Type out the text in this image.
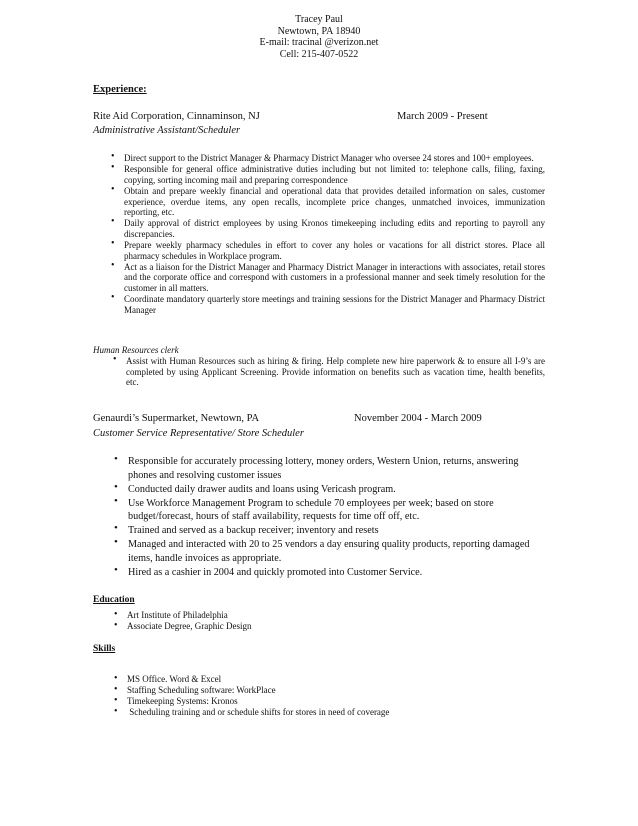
Tracey Paul
Newtown, PA 18940
E-mail: tracinal @verizon.net
Cell: 215-407-0522
Experience:
Rite Aid Corporation, Cinnaminson, NJ	March 2009 - Present
Administrative Assistant/Scheduler
• Direct support to the District Manager & Pharmacy District Manager who oversee 24 stores and 100+ employees.
• Responsible for general office administrative duties including but not limited to: telephone calls, filing, faxing, copying, sorting incoming mail and preparing correspondence
• Obtain and prepare weekly financial and operational data that provides detailed information on sales, customer experience, overdue items, any open recalls, incomplete price changes, unmatched invoices, immunization reporting, etc.
• Daily approval of district employees by using Kronos timekeeping including edits and reporting to payroll any discrepancies.
• Prepare weekly pharmacy schedules in effort to cover any holes or vacations for all district stores. Place all pharmacy schedules in Workplace program.
• Act as a liaison for the District Manager and Pharmacy District Manager in interactions with associates, retail stores and the corporate office and correspond with customers in a professional manner and seek timely resolution for the customer in all matters.
• Coordinate mandatory quarterly store meetings and training sessions for the District Manager and Pharmacy District Manager
Human Resources clerk
• Assist with Human Resources such as hiring & firing. Help complete new hire paperwork & to ensure all I-9’s are completed by using Applicant Screening. Provide information on benefits such as vacation time, health benefits, etc.
Genaurdi’s Supermarket, Newtown, PA	November 2004 - March 2009
Customer Service Representative/ Store Scheduler
• Responsible for accurately processing lottery, money orders, Western Union, returns, answering phones and resolving customer issues
• Conducted daily drawer audits and loans using Vericash program.
• Use Workforce Management Program to schedule 70 employees per week; based on store budget/forecast, hours of staff availability, requests for time off off, etc.
• Trained and served as a backup receiver; inventory and resets
• Managed and interacted with 20 to 25 vendors a day ensuring quality products, reporting damaged items, handle invoices as appropriate.
• Hired as a cashier in 2004 and quickly promoted into Customer Service.
Education
• Art Institute of Philadelphia
• Associate Degree, Graphic Design
Skills
• MS Office. Word & Excel
• Staffing Scheduling software: WorkPlace
• Timekeeping Systems: Kronos
• Scheduling training and or schedule shifts for stores in need of coverage
